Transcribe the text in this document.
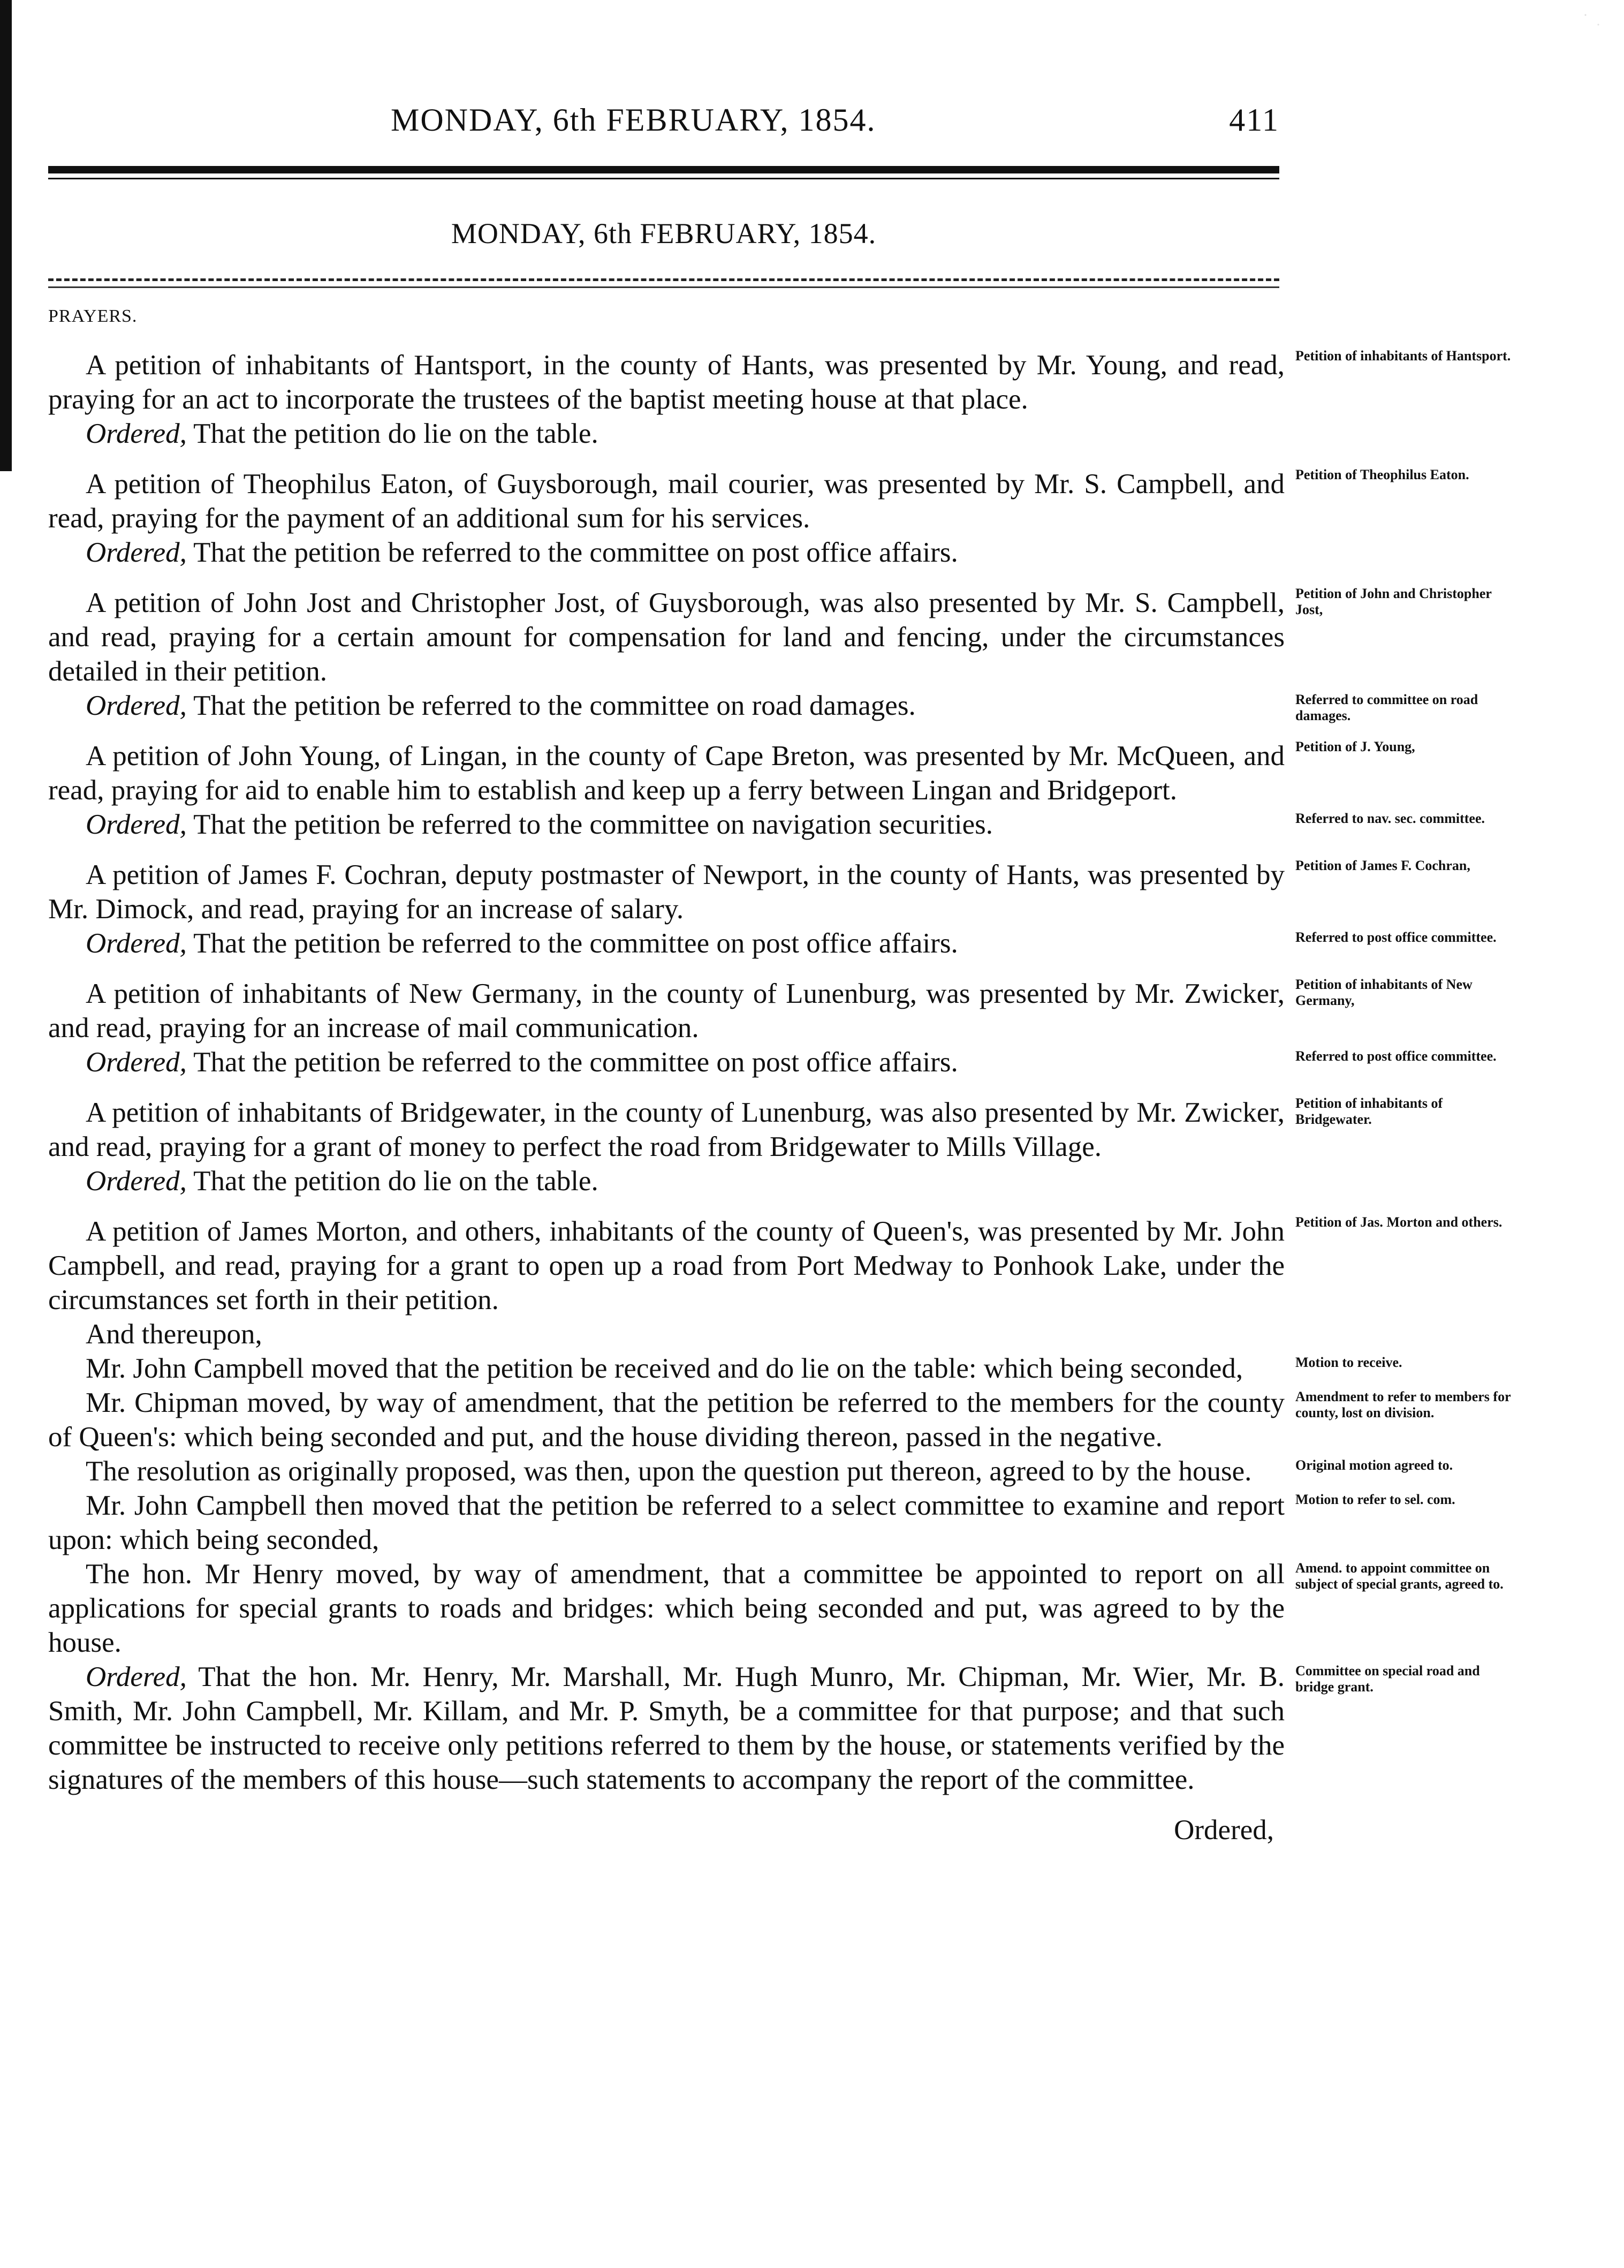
MONDAY, 6th FEBRUARY, 1854.	411
MONDAY, 6th FEBRUARY, 1854.
PRAYERS.

A petition of inhabitants of Hantsport, in the county of Hants, was presented by Mr. Young, and read, praying for an act to incorporate the trustees of the baptist meeting house at that place.

Petition of inhabitants of Hantsport.

Ordered, That the petition do lie on the table.

A petition of Theophilus Eaton, of Guysborough, mail courier, was presented by Mr. S. Campbell, and read, praying for the payment of an additional sum for his services.

Petition of Theophilus Eaton.

Ordered, That the petition be referred to the committee on post office affairs.

A petition of John Jost and Christopher Jost, of Guysborough, was also presented by Mr. S. Campbell, and read, praying for a certain amount for compensation for land and fencing, under the circumstances detailed in their petition.

Petition of John and Christopher Jost,

Ordered, That the petition be referred to the committee on road damages.	Referred to committee on road damages.

A petition of John Young, of Lingan, in the county of Cape Breton, was presented by Mr. McQueen, and read, praying for aid to enable him to establish and keep up a ferry between Lingan and Bridgeport.

Petition of J. Young,

Ordered, That the petition be referred to the committee on navigation securities.	Referred to nav. sec. committee.

A petition of James F. Cochran, deputy postmaster of Newport, in the county of Hants, was presented by Mr. Dimock, and read, praying for an increase of salary.

Petition of James F. Cochran,

Ordered, That the petition be referred to the committee on post office affairs.	Referred to post office committee.

A petition of inhabitants of New Germany, in the county of Lunenburg, was presented by Mr. Zwicker, and read, praying for an increase of mail communication.

Petition of inhabitants of New Germany,

Ordered, That the petition be referred to the committee on post office affairs.	Referred to post office committee.

A petition of inhabitants of Bridgewater, in the county of Lunenburg, was also presented by Mr. Zwicker, and read, praying for a grant of money to perfect the road from Bridgewater to Mills Village.

Petition of inhabitants of Bridgewater.

Ordered, That the petition do lie on the table.

A petition of James Morton, and others, inhabitants of the county of Queen's, was presented by Mr. John Campbell, and read, praying for a grant to open up a road from Port Medway to Ponhook Lake, under the circumstances set forth in their petition.

Petition of Jas. Morton and others.

And thereupon,

Mr. John Campbell moved that the petition be received and do lie on the table: which being seconded,	Motion to receive.

Mr. Chipman moved, by way of amendment, that the petition be referred to the members for the county of Queen's: which being seconded and put, and the house dividing thereon, passed in the negative.

Amendment to refer to members for county, lost on division.

The resolution as originally proposed, was then, upon the question put thereon, agreed to by the house.	Original motion agreed to.

Mr. John Campbell then moved that the petition be referred to a select committee to examine and report upon: which being seconded,

Motion to refer to sel. com.

The hon. Mr Henry moved, by way of amendment, that a committee be appointed to report on all applications for special grants to roads and bridges: which being seconded and put, was agreed to by the house.

Amend. to appoint committee on subject of special grants, agreed to.

Ordered, That the hon. Mr. Henry, Mr. Marshall, Mr. Hugh Munro, Mr. Chipman, Mr. Wier, Mr. B. Smith, Mr. John Campbell, Mr. Killam, and Mr. P. Smyth, be a committee for that purpose; and that such committee be instructed to receive only petitions referred to them by the house, or statements verified by the signatures of the members of this house—such statements to accompany the report of the committee.

Committee on special road and bridge grant.
Ordered,
